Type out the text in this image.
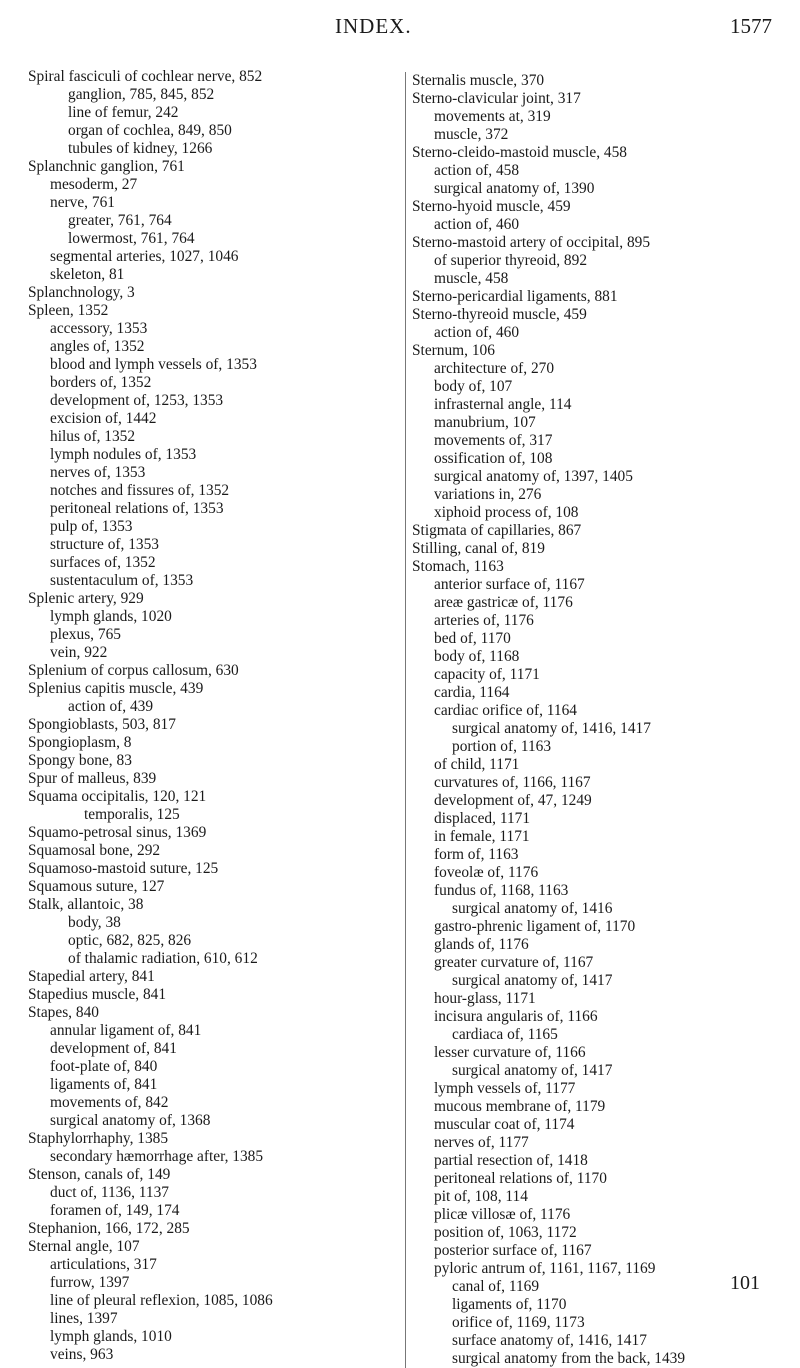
INDEX.	1577
Spiral fasciculi of cochlear nerve, 852
ganglion, 785, 845, 852
line of femur, 242
organ of cochlea, 849, 850
tubules of kidney, 1266
Splanchnic ganglion, 761
mesoderm, 27
nerve, 761
greater, 761, 764
lowermost, 761, 764
segmental arteries, 1027, 1046
skeleton, 81
Splanchnology, 3
Spleen, 1352
accessory, 1353
angles of, 1352
blood and lymph vessels of, 1353
borders of, 1352
development of, 1253, 1353
excision of, 1442
hilus of, 1352
lymph nodules of, 1353
nerves of, 1353
notches and fissures of, 1352
peritoneal relations of, 1353
pulp of, 1353
structure of, 1353
surfaces of, 1352
sustentaculum of, 1353
Splenic artery, 929
lymph glands, 1020
plexus, 765
vein, 922
Splenium of corpus callosum, 630
Splenius capitis muscle, 439
action of, 439
Spongioblasts, 503, 817
Spongioplasm, 8
Spongy bone, 83
Spur of malleus, 839
Squama occipitalis, 120, 121
temporalis, 125
Squamo-petrosal sinus, 1369
Squamosal bone, 292
Squamoso-mastoid suture, 125
Squamous suture, 127
Stalk, allantoic, 38
body, 38
optic, 682, 825, 826
of thalamic radiation, 610, 612
Stapedial artery, 841
Stapedius muscle, 841
Stapes, 840
annular ligament of, 841
development of, 841
foot-plate of, 840
ligaments of, 841
movements of, 842
surgical anatomy of, 1368
Staphylorrhaphy, 1385
secondary hæmorrhage after, 1385
Stenson, canals of, 149
duct of, 1136, 1137
foramen of, 149, 174
Stephanion, 166, 172, 285
Sternal angle, 107
articulations, 317
furrow, 1397
line of pleural reflexion, 1085, 1086
lines, 1397
lymph glands, 1010
veins, 963
Sternalis muscle, 370
Sterno-clavicular joint, 317
movements at, 319
muscle, 372
Sterno-cleido-mastoid muscle, 458
action of, 458
surgical anatomy of, 1390
Sterno-hyoid muscle, 459
action of, 460
Sterno-mastoid artery of occipital, 895
of superior thyreoid, 892
muscle, 458
Sterno-pericardial ligaments, 881
Sterno-thyreoid muscle, 459
action of, 460
Sternum, 106
architecture of, 270
body of, 107
infrasternal angle, 114
manubrium, 107
movements of, 317
ossification of, 108
surgical anatomy of, 1397, 1405
variations in, 276
xiphoid process of, 108
Stigmata of capillaries, 867
Stilling, canal of, 819
Stomach, 1163
anterior surface of, 1167
areæ gastricæ of, 1176
arteries of, 1176
bed of, 1170
body of, 1168
capacity of, 1171
cardia, 1164
cardiac orifice of, 1164
surgical anatomy of, 1416, 1417
portion of, 1163
of child, 1171
curvatures of, 1166, 1167
development of, 47, 1249
displaced, 1171
in female, 1171
form of, 1163
foveolæ of, 1176
fundus of, 1168, 1163
surgical anatomy of, 1416
gastro-phrenic ligament of, 1170
glands of, 1176
greater curvature of, 1167
surgical anatomy of, 1417
hour-glass, 1171
incisura angularis of, 1166
cardiaca of, 1165
lesser curvature of, 1166
surgical anatomy of, 1417
lymph vessels of, 1177
mucous membrane of, 1179
muscular coat of, 1174
nerves of, 1177
partial resection of, 1418
peritoneal relations of, 1170
pit of, 108, 114
plicæ villosæ of, 1176
position of, 1063, 1172
posterior surface of, 1167
pyloric antrum of, 1161, 1167, 1169
canal of, 1169
ligaments of, 1170
orifice of, 1169, 1173
surface anatomy of, 1416, 1417
surgical anatomy from the back, 1439
101
